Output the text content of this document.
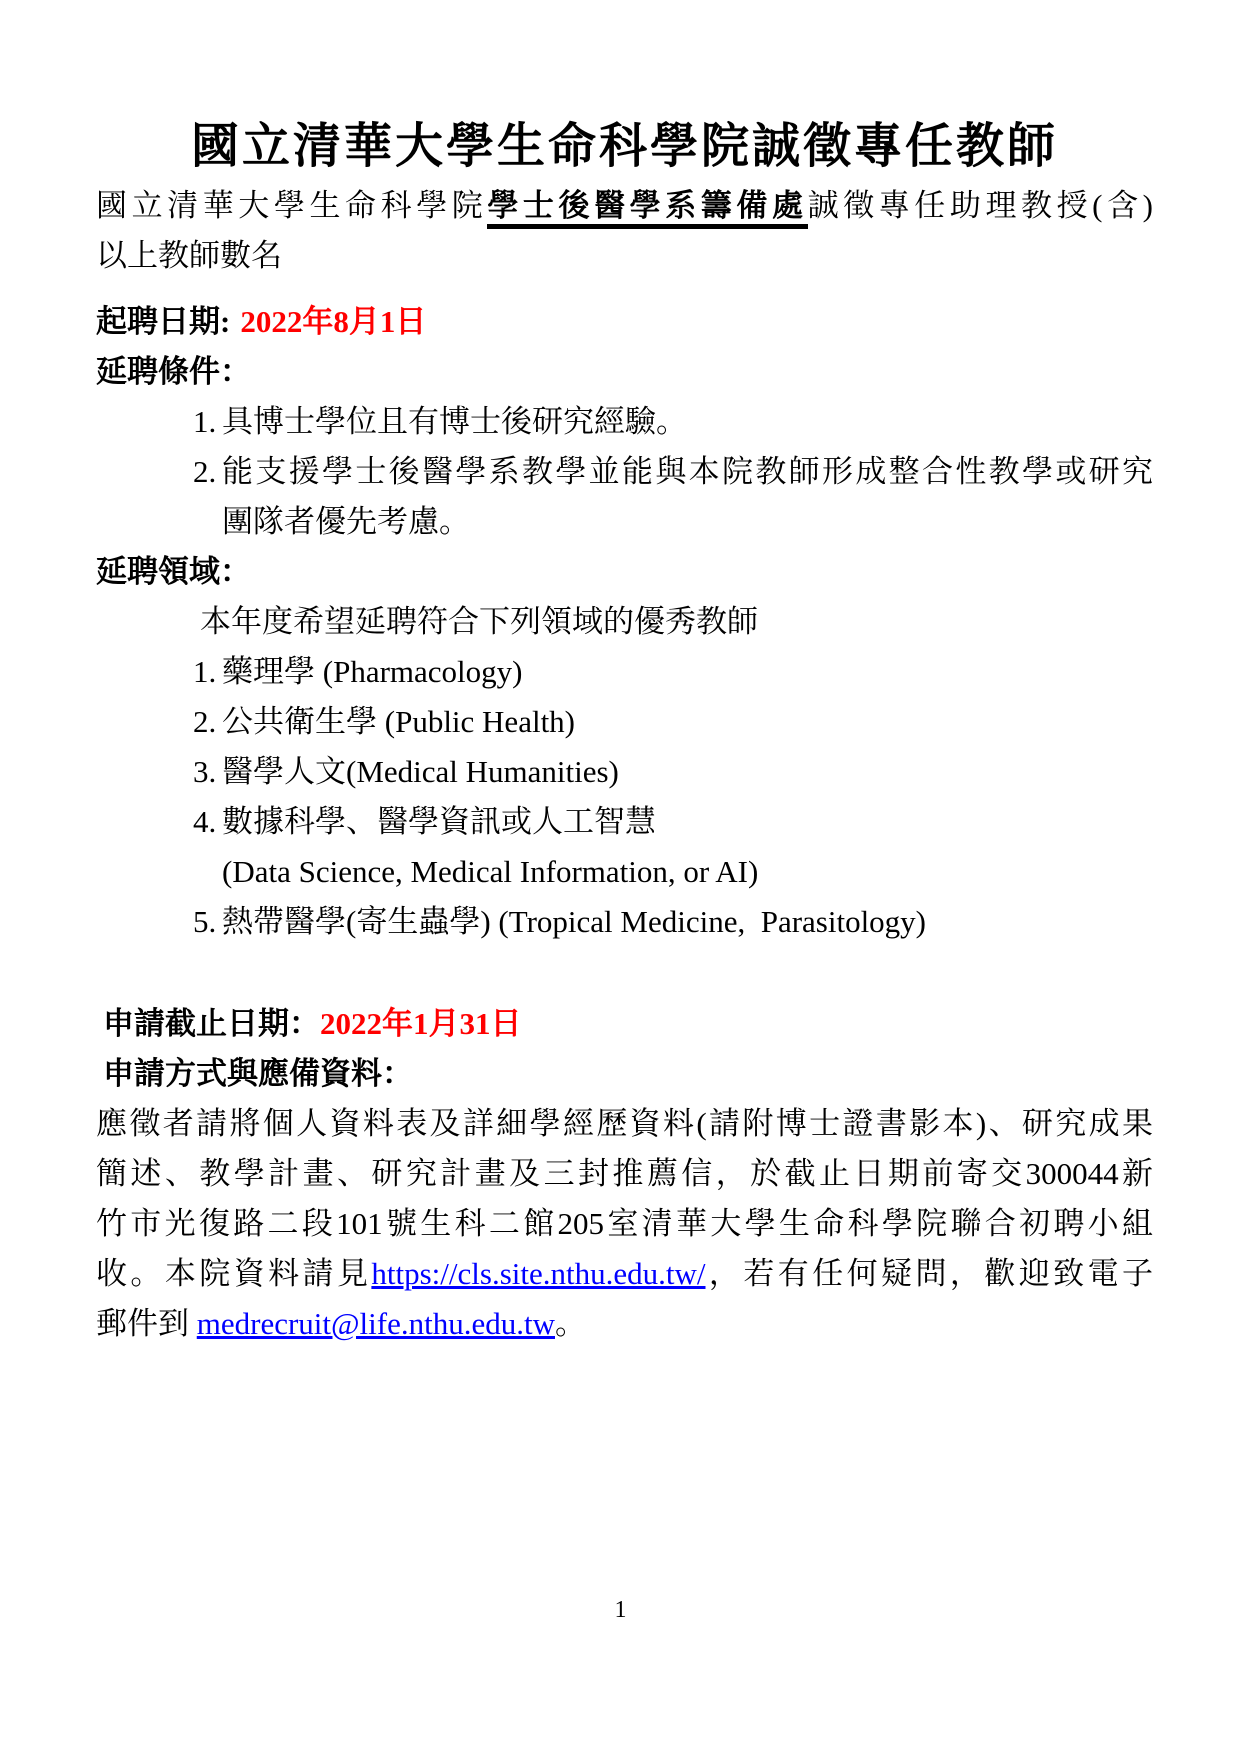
國立清華大學生命科學院誠徵專任教師
國立清華大學生命科學院學士後醫學系籌備處誠徵專任助理教授(含)
以上教師數名
起聘日期: 2022年8月1日
延聘條件：
1. 具博士學位且有博士後研究經驗。
2. 能支援學士後醫學系教學並能與本院教師形成整合性教學或研究
團隊者優先考慮。
延聘領域：
本年度希望延聘符合下列領域的優秀教師
1. 藥理學 (Pharmacology)
2. 公共衛生學 (Public Health)
3. 醫學人文(Medical Humanities)
4. 數據科學、醫學資訊或人工智慧
(Data Science, Medical Information, or AI)
5. 熱帶醫學(寄生蟲學) (Tropical Medicine,  Parasitology)
申請截止日期：2022年1月31日
申請方式與應備資料：
應徵者請將個人資料表及詳細學經歷資料(請附博士證書影本)、研究成果
簡述、教學計畫、研究計畫及三封推薦信，於截止日期前寄交300044新
竹市光復路二段101號生科二館205室清華大學生命科學院聯合初聘小組
收。本院資料請見https://cls.site.nthu.edu.tw/，若有任何疑問，歡迎致電子
郵件到 medrecruit@life.nthu.edu.tw。
1
